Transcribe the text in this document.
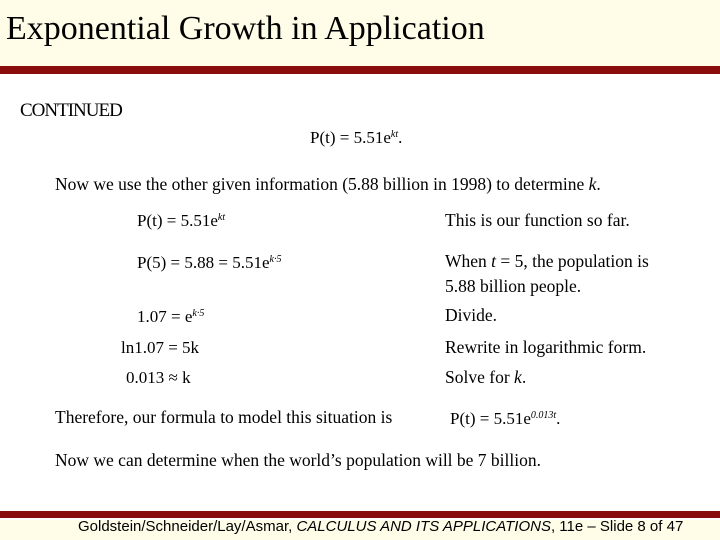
Exponential Growth in Application
CONTINUED
$P(t) = 5.51e^{kt}$.
Now we use the other given information (5.88 billion in 1998) to determine k.
$P(t) = 5.51e^{kt}$
$P(5) = 5.88 = 5.51e^{k\cdot 5}$
$1.07 = e^{k\cdot 5}$
ln1.07 = 5k
0.013 ≈ k
This is our function so far.
When t = 5, the population is
5.88 billion people.
Divide.
Rewrite in logarithmic form.
Solve for k.
Therefore, our formula to model this situation is	$P(t) = 5.51e^{0.013t}$.
Now we can determine when the world’s population will be 7 billion.
Goldstein/Schneider/Lay/Asmar, CALCULUS AND ITS APPLICATIONS, 11e – Slide 8 of 47
